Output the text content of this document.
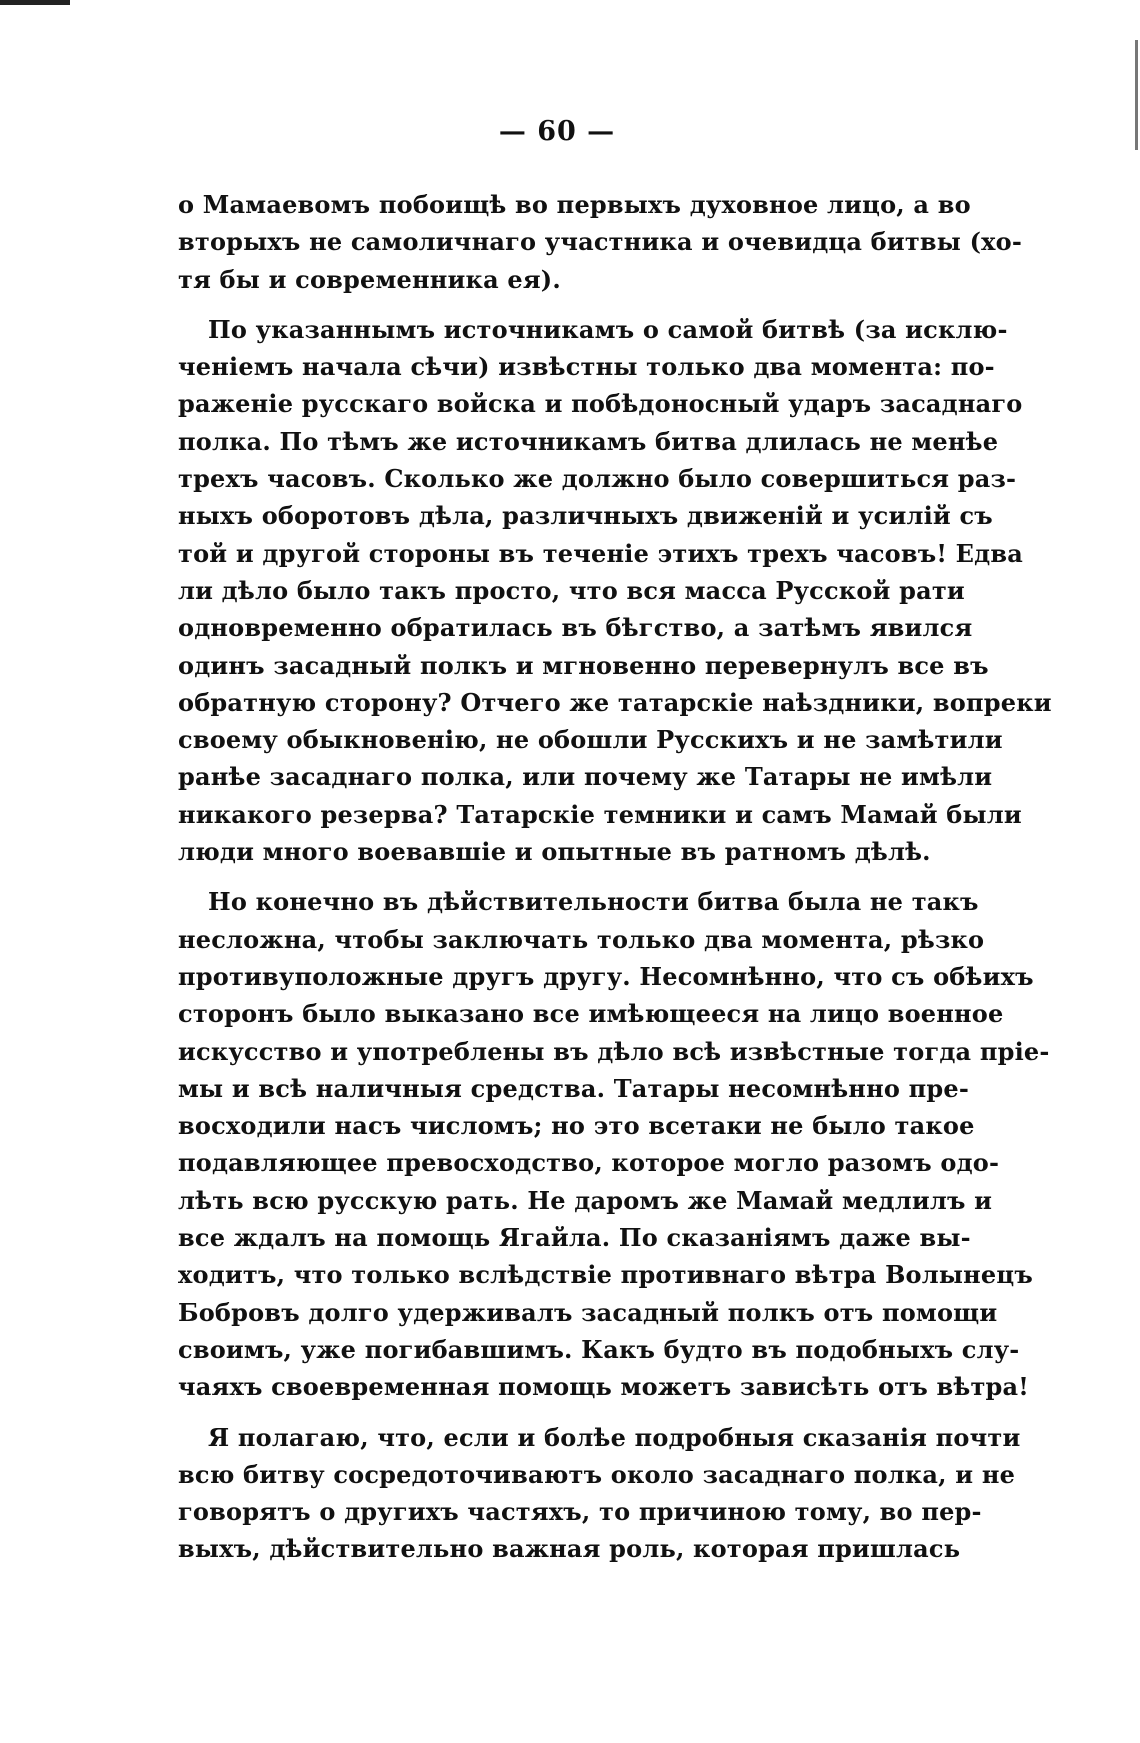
— 60 —
о Мамаевомъ побоищѣ во первыхъ духовное лицо, а во
вторыхъ не самоличнаго участника и очевидца битвы (хо-
тя бы и современника ея).
По указаннымъ источникамъ о самой битвѣ (за исклю-
ченіемъ начала сѣчи) извѣстны только два момента: по-
раженіе русскаго войска и побѣдоносный ударъ засаднаго
полка. По тѣмъ же источникамъ битва длилась не менѣе
трехъ часовъ. Сколько же должно было совершиться раз-
ныхъ оборотовъ дѣла, различныхъ движеній и усилій съ
той и другой стороны въ теченіе этихъ трехъ часовъ! Едва
ли дѣло было такъ просто, что вся масса Русской рати
одновременно обратилась въ бѣгство, а затѣмъ явился
одинъ засадный полкъ и мгновенно перевернулъ все въ
обратную сторону? Отчего же татарскіе наѣздники, вопреки
своему обыкновенію, не обошли Русскихъ и не замѣтили
ранѣе засаднаго полка, или почему же Татары не имѣли
никакого резерва? Татарскіе темники и самъ Мамай были
люди много воевавшіе и опытные въ ратномъ дѣлѣ.
Но конечно въ дѣйствительности битва была не такъ
несложна, чтобы заключать только два момента, рѣзко
противуположные другъ другу. Несомнѣнно, что съ обѣихъ
сторонъ было выказано все имѣющееся на лицо военное
искусство и употреблены въ дѣло всѣ извѣстные тогда пріе-
мы и всѣ наличныя средства. Татары несомнѣнно пре-
восходили насъ числомъ; но это всетаки не было такое
подавляющее превосходство, которое могло разомъ одо-
лѣть всю русскую рать. Не даромъ же Мамай медлилъ и
все ждалъ на помощь Ягайла. По сказаніямъ даже вы-
ходитъ, что только вслѣдствіе противнаго вѣтра Волынецъ
Бобровъ долго удерживалъ засадный полкъ отъ помощи
своимъ, уже погибавшимъ. Какъ будто въ подобныхъ слу-
чаяхъ своевременная помощь можетъ зависѣть отъ вѣтра!
Я полагаю, что, если и болѣе подробныя сказанія почти
всю битву сосредоточиваютъ около засаднаго полка, и не
говорятъ о другихъ частяхъ, то причиною тому, во пер-
выхъ, дѣйствительно важная роль, которая пришлась
